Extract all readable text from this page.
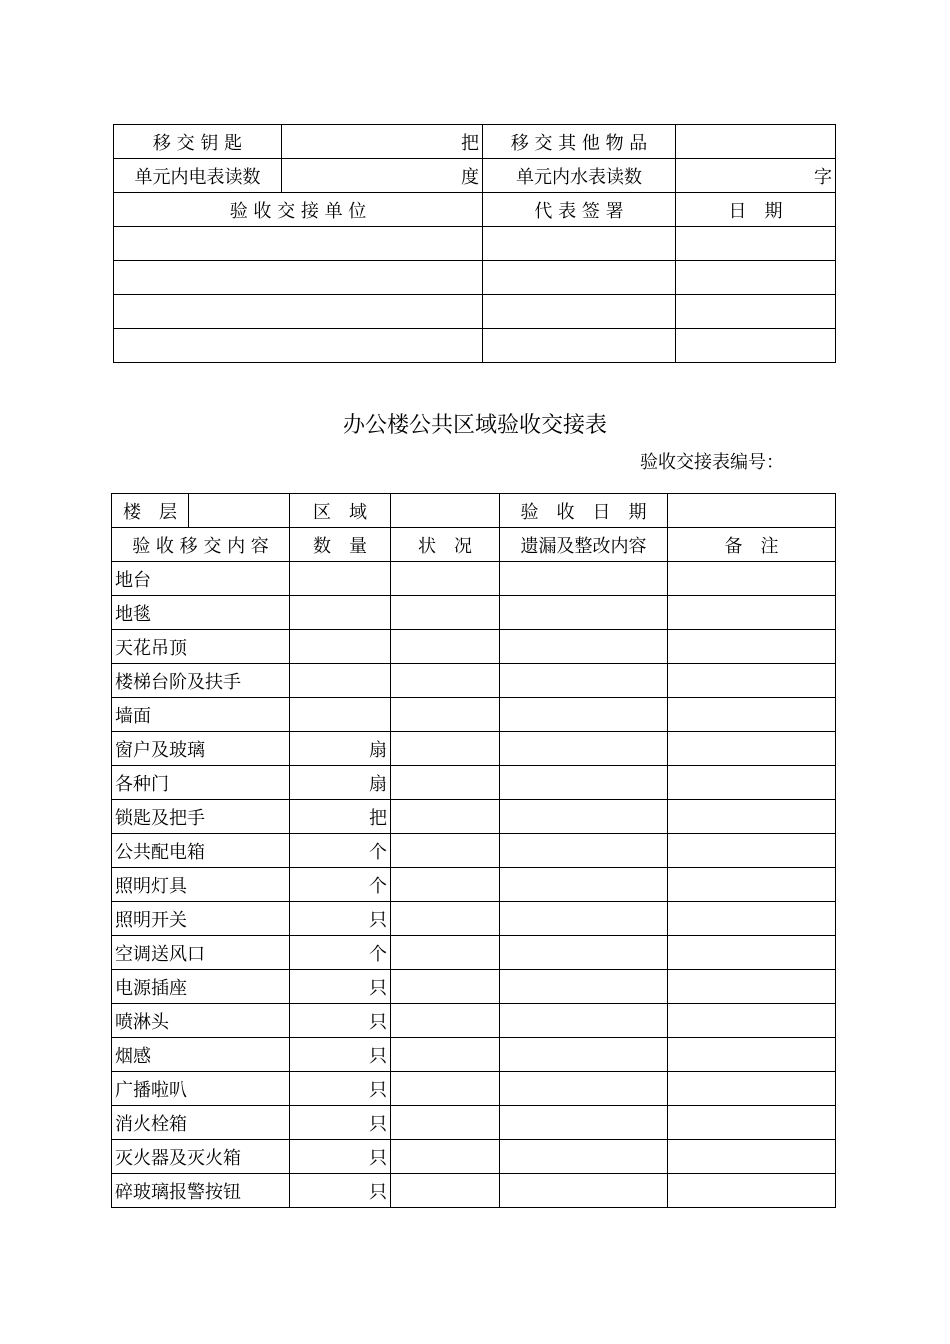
移 交 钥 匙	把	移 交 其 他 物 品	
单元内电表读数	度	单元内水表读数	字
验 收 交 接 单 位		代 表 签 署	日　期

办公楼公共区域验收交接表
验收交接表编号：
楼　层		区　域		验　收　日　期	
验 收 移 交 内 容		数　量	状　况	遗漏及整改内容	备　注
地台					
地毯					
天花吊顶					
楼梯台阶及扶手					
墙面					
窗户及玻璃		扇			
各种门		扇			
锁匙及把手		把			
公共配电箱		个			
照明灯具		个			
照明开关		只			
空调送风口		个			
电源插座		只			
喷淋头		只			
烟感		只			
广播啦叭		只			
消火栓箱		只			
灭火器及灭火箱		只			
碎玻璃报警按钮		只			
